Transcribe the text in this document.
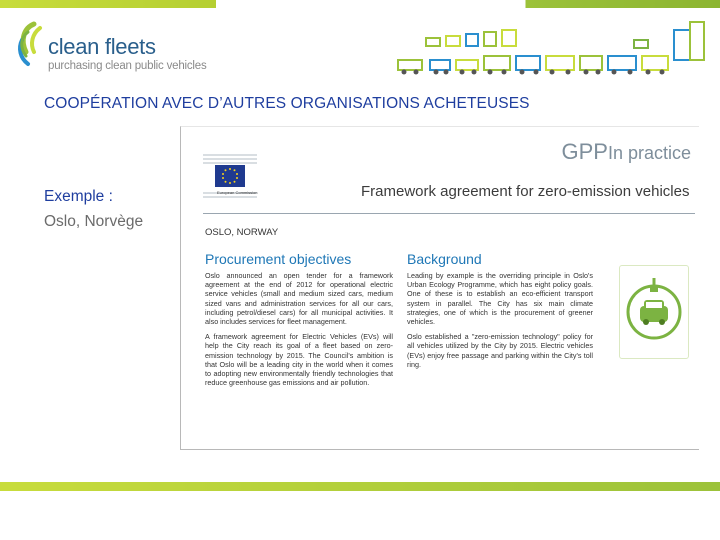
clean fleets
purchasing clean public vehicles
COOPÉRATION AVEC D’AUTRES ORGANISATIONS ACHETEUSES
Exemple :
Oslo, Norvège
GPPIn practice
European Commission	Framework agreement for zero-emission vehicles
OSLO, NORWAY
Procurement objectives

Oslo announced an open tender for a framework agreement at the end of 2012 for operational electric service vehicles (small and medium sized cars, medium sized vans and administration services for all our cars, including petrol/diesel cars) for all municipal activities. It also includes services for fleet management.

A framework agreement for Electric Vehicles (EVs) will help the City reach its goal of a fleet based on zero-emission technology by 2015. The Council's ambition is that Oslo will be a leading city in the world when it comes to adopting new environmentally friendly technologies that reduce greenhouse gas emissions and air pollution.

Background

Leading by example is the overriding principle in Oslo's Urban Ecology Programme, which has eight policy goals. One of these is to establish an eco-efficient transport system in parallel. The City has six main climate strategies, one of which is the procurement of greener vehicles.

Oslo established a "zero-emission technology" policy for all vehicles utilized by the City by 2015. Electric vehicles (EVs) enjoy free passage and parking within the City's toll ring.
